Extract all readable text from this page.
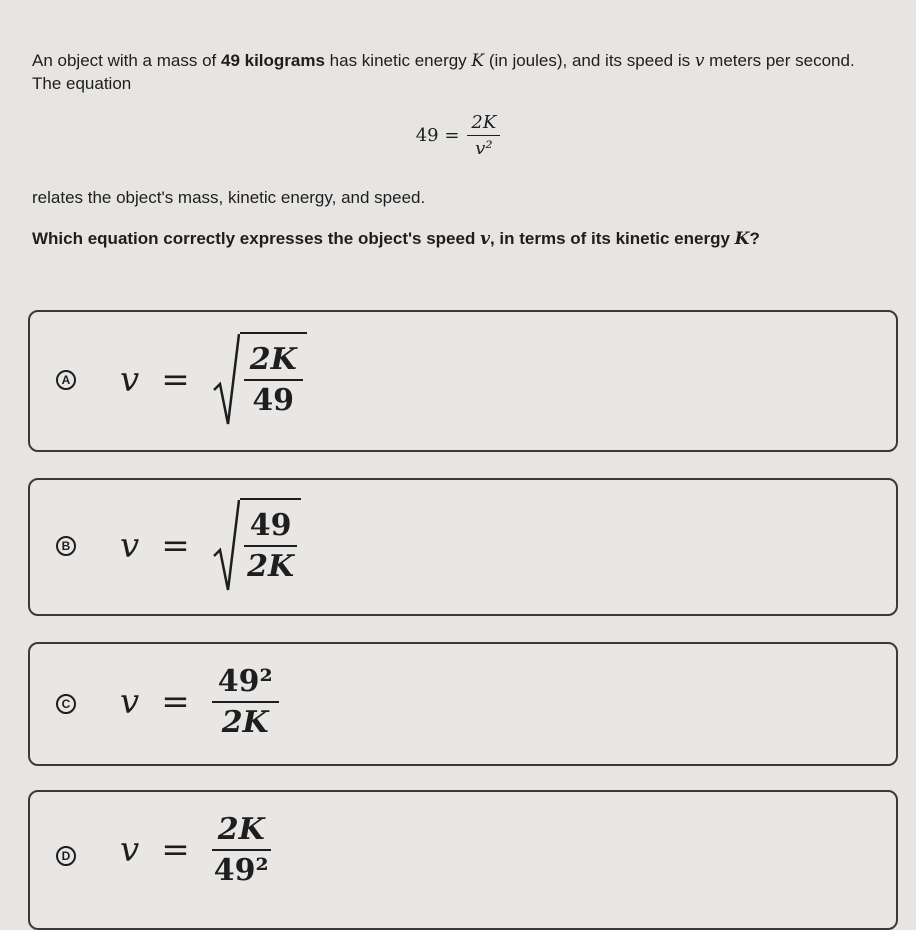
An object with a mass of 49 kilograms has kinetic energy K (in joules), and its speed is v meters per second.
The equation
$49 = \frac{2K}{\text{v²}}$
relates the object's mass, kinetic energy, and speed.
Which equation correctly expresses the object's speed v, in terms of its kinetic energy K?
A $v = \frac{2K}{49}$
B $v = \frac{49}{2K}$
C $v = \frac{\text{49²}}{2K}$
D $v = \frac{2K}{\text{49²}}$
